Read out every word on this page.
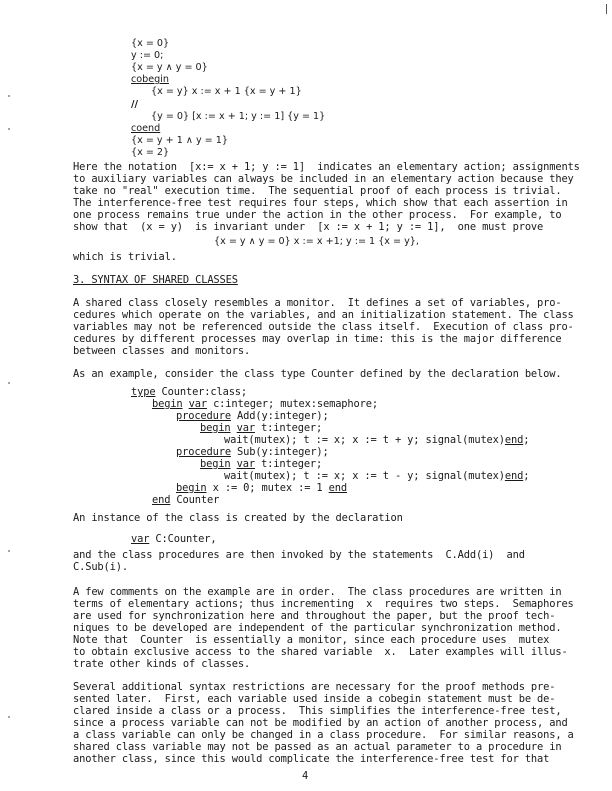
{x = 0}
y := 0;
{x = y ∧ y = 0}
cobegin
{x = y} x := x + 1 {x = y + 1}
//
{y = 0} [x := x + 1; y := 1] {y = 1}
coend
{x = y + 1 ∧ y = 1}
{x = 2}
Here the notation  [x:= x + 1; y := 1]  indicates an elementary action; assignments
to auxiliary variables can always be included in an elementary action because they
take no "real" execution time.  The sequential proof of each process is trivial.
The interference-free test requires four steps, which show that each assertion in
one process remains true under the action in the other process.  For example, to
show that  (x = y)  is invariant under  [x := x + 1; y := 1],  one must prove
{x = y ∧ y = 0} x := x +1; y := 1 {x = y},
which is trivial.
3. SYNTAX OF SHARED CLASSES
A shared class closely resembles a monitor.  It defines a set of variables, pro-
cedures which operate on the variables, and an initialization statement. The class
variables may not be referenced outside the class itself.  Execution of class pro-
cedures by different processes may overlap in time: this is the major difference
between classes and monitors.
As an example, consider the class type Counter defined by the declaration below.
type Counter:class;
begin var c:integer; mutex:semaphore;
procedure Add(y:integer);
begin var t:integer;
wait(mutex); t := x; x := t + y; signal(mutex)end;
procedure Sub(y:integer);
begin var t:integer;
wait(mutex); t := x; x := t - y; signal(mutex)end;
begin x := 0; mutex := 1 end
end Counter
An instance of the class is created by the declaration
var C:Counter,
and the class procedures are then invoked by the statements  C.Add(i)  and
C.Sub(i).
A few comments on the example are in order.  The class procedures are written in
terms of elementary actions; thus incrementing  x  requires two steps.  Semaphores
are used for synchronization here and throughout the paper, but the proof tech-
niques to be developed are independent of the particular synchronization method.
Note that  Counter  is essentially a monitor, since each procedure uses  mutex
to obtain exclusive access to the shared variable  x.  Later examples will illus-
trate other kinds of classes.
Several additional syntax restrictions are necessary for the proof methods pre-
sented later.  First, each variable used inside a cobegin statement must be de-
clared inside a class or a process.  This simplifies the interference-free test,
since a process variable can not be modified by an action of another process, and
a class variable can only be changed in a class procedure.  For similar reasons, a
shared class variable may not be passed as an actual parameter to a procedure in
another class, since this would complicate the interference-free test for that
4
